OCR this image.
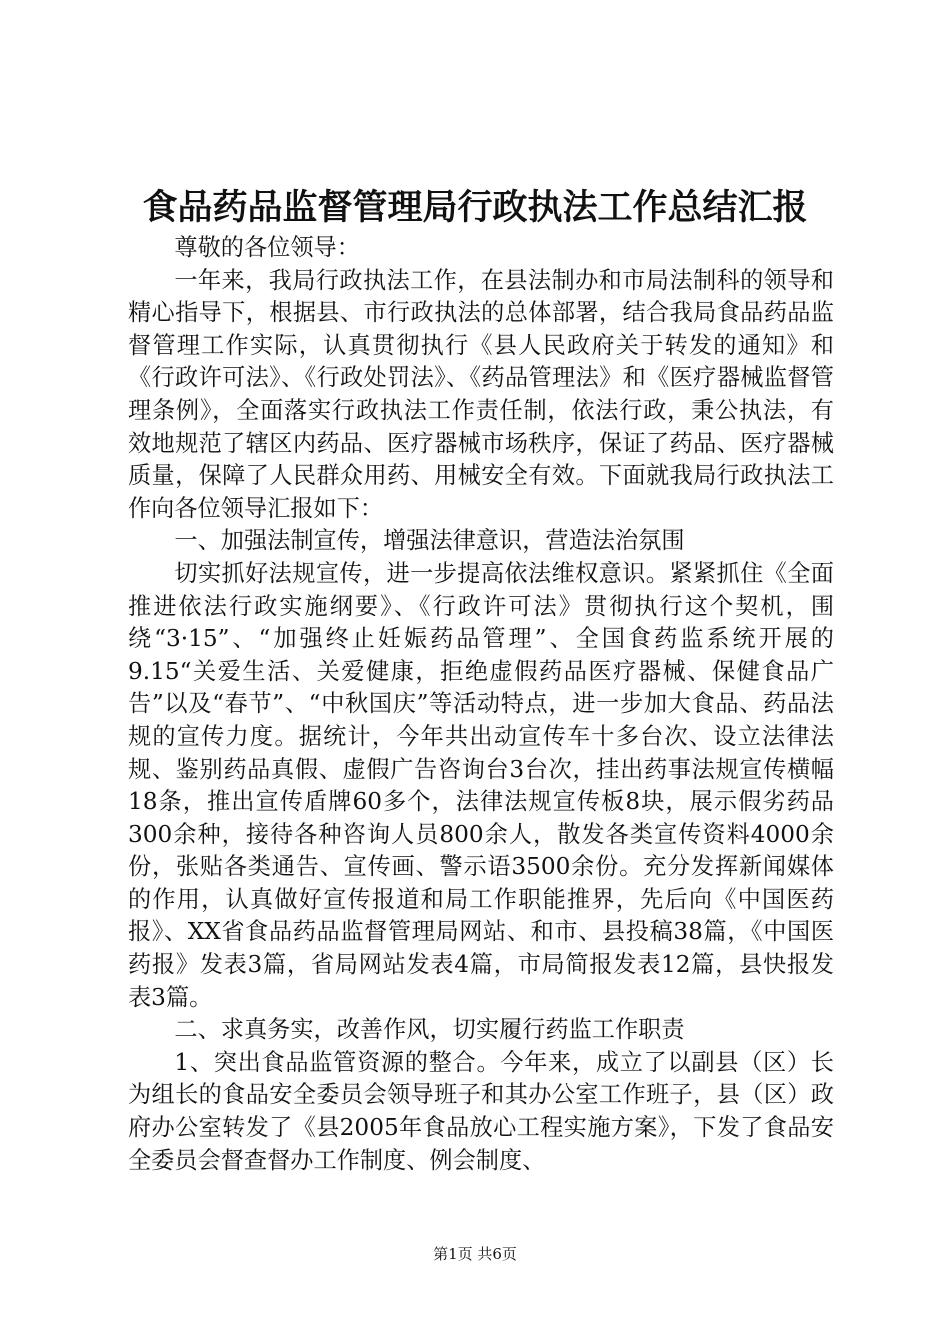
食品药品监督管理局行政执法工作总结汇报

尊敬的各位领导：

一年来，我局行政执法工作，在县法制办和市局法制科的领导和精心指导下，根据县、市行政执法的总体部署，结合我局食品药品监督管理工作实际，认真贯彻执行《县人民政府关于转发的通知》和《行政许可法》、《行政处罚法》、《药品管理法》和《医疗器械监督管理条例》，全面落实行政执法工作责任制，依法行政，秉公执法，有效地规范了辖区内药品、医疗器械市场秩序，保证了药品、医疗器械质量，保障了人民群众用药、用械安全有效。下面就我局行政执法工作向各位领导汇报如下：

一、加强法制宣传，增强法律意识，营造法治氛围

切实抓好法规宣传，进一步提高依法维权意识。紧紧抓住《全面推进依法行政实施纲要》、《行政许可法》贯彻执行这个契机，围绕“3·15”、“加强终止妊娠药品管理”、全国食药监系统开展的9.15“关爱生活、关爱健康，拒绝虚假药品医疗器械、保健食品广告”以及“春节”、“中秋国庆”等活动特点，进一步加大食品、药品法规的宣传力度。据统计，今年共出动宣传车十多台次、设立法律法规、鉴别药品真假、虚假广告咨询台3台次，挂出药事法规宣传横幅18条，推出宣传盾牌60多个，法律法规宣传板8块，展示假劣药品300余种，接待各种咨询人员800余人，散发各类宣传资料4000余份，张贴各类通告、宣传画、警示语3500余份。充分发挥新闻媒体的作用，认真做好宣传报道和局工作职能推界，先后向《中国医药报》、XX省食品药品监督管理局网站、和市、县投稿38篇，《中国医药报》发表3篇，省局网站发表4篇，市局简报发表12篇，县快报发表3篇。

二、求真务实，改善作风，切实履行药监工作职责

1、突出食品监管资源的整合。今年来，成立了以副县（区）长为组长的食品安全委员会领导班子和其办公室工作班子，县（区）政府办公室转发了《县2005年食品放心工程实施方案》，下发了食品安全委员会督查督办工作制度、例会制度、

第1页 共6页
